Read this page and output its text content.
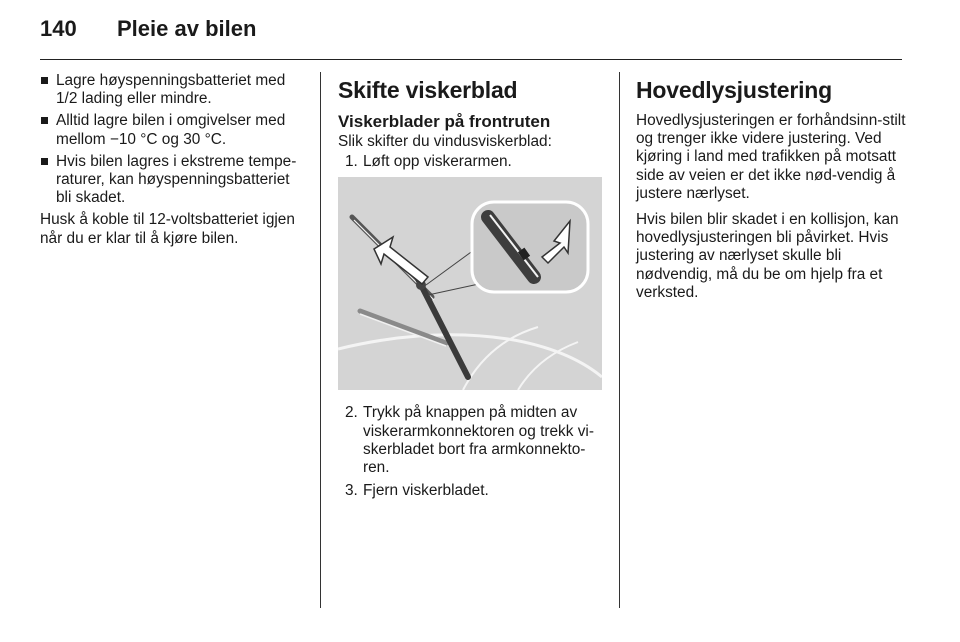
140	Pleie av bilen
Lagre høyspenningsbatteriet med 1/2 lading eller mindre.
Alltid lagre bilen i omgivelser med mellom −10 °C og 30 °C.
Hvis bilen lagres i ekstreme tempe-raturer, kan høyspenningsbatteriet bli skadet.

Husk å koble til 12-voltsbatteriet igjen når du er klar til å kjøre bilen.

Skifte viskerblad
Viskerblader på frontruten

Slik skifter du vindusviskerblad:

1. Løft opp viskerarmen.
2. Trykk på knappen på midten av viskerarmkonnektoren og trekk vi-skerbladet bort fra armkonnekto-ren.
3. Fjern viskerbladet.
Hovedlysjustering

Hovedlysjusteringen er forhåndsinn-stilt og trenger ikke videre justering. Ved kjøring i land med trafikken på motsatt side av veien er det ikke nød-vendig å justere nærlyset.

Hvis bilen blir skadet i en kollisjon, kan hovedlysjusteringen bli påvirket. Hvis justering av nærlyset skulle bli nødvendig, må du be om hjelp fra et verksted.
